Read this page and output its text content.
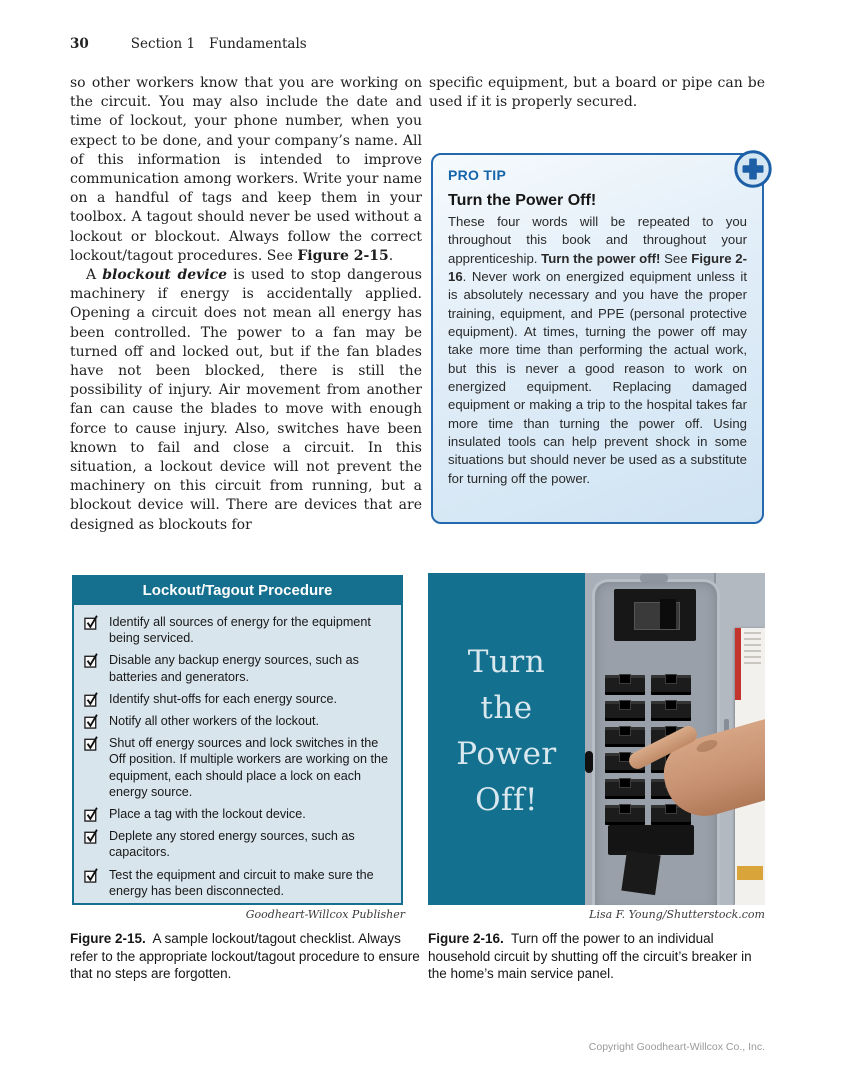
30	Section 1 Fundamentals

so other workers know that you are working on the circuit. You may also include the date and time of lockout, your phone number, when you expect to be done, and your company’s name. All of this information is intended to improve communication among workers. Write your name on a handful of tags and keep them in your toolbox. A tagout should never be used without a lockout or blockout. Always follow the correct lockout/tagout procedures. See Figure 2-15.

A blockout device is used to stop dangerous machinery if energy is accidentally applied. Opening a circuit does not mean all energy has been controlled. The power to a fan may be turned off and locked out, but if the fan blades have not been blocked, there is still the possibility of injury. Air movement from another fan can cause the blades to move with enough force to cause injury. Also, switches have been known to fail and close a circuit. In this situation, a lockout device will not prevent the machinery on this circuit from running, but a blockout device will. There are devices that are designed as blockouts for

specific equipment, but a board or pipe can be used if it is properly secured.
PRO TIP
Turn the Power Off!
These four words will be repeated to you throughout this book and throughout your apprenticeship. Turn the power off! See Figure 2-16. Never work on energized equipment unless it is absolutely necessary and you have the proper training, equipment, and PPE (personal protective equipment). At times, turning the power off may take more time than performing the actual work, but this is never a good reason to work on energized equipment. Replacing damaged equipment or making a trip to the hospital takes far more time than turning the power off. Using insulated tools can help prevent shock in some situations but should never be used as a substitute for turning off the power.
Lockout/Tagout Procedure
Identify all sources of energy for the equipment being serviced.
Disable any backup energy sources, such as batteries and generators.
Identify shut-offs for each energy source.
Notify all other workers of the lockout.
Shut off energy sources and lock switches in the Off position. If multiple workers are working on the equipment, each should place a lock on each energy source.
Place a tag with the lockout device.
Deplete any stored energy sources, such as capacitors.
Test the equipment and circuit to make sure the energy has been disconnected.
Goodheart-Willcox Publisher	Lisa F. Young/Shutterstock.com
Figure 2-15. A sample lockout/tagout checklist. Always refer to the appropriate lockout/tagout procedure to ensure that no steps are forgotten.
Figure 2-16. Turn off the power to an individual household circuit by shutting off the circuit’s breaker in the home’s main service panel.
Turn
the
Power
Off!
Copyright Goodheart-Willcox Co., Inc.
